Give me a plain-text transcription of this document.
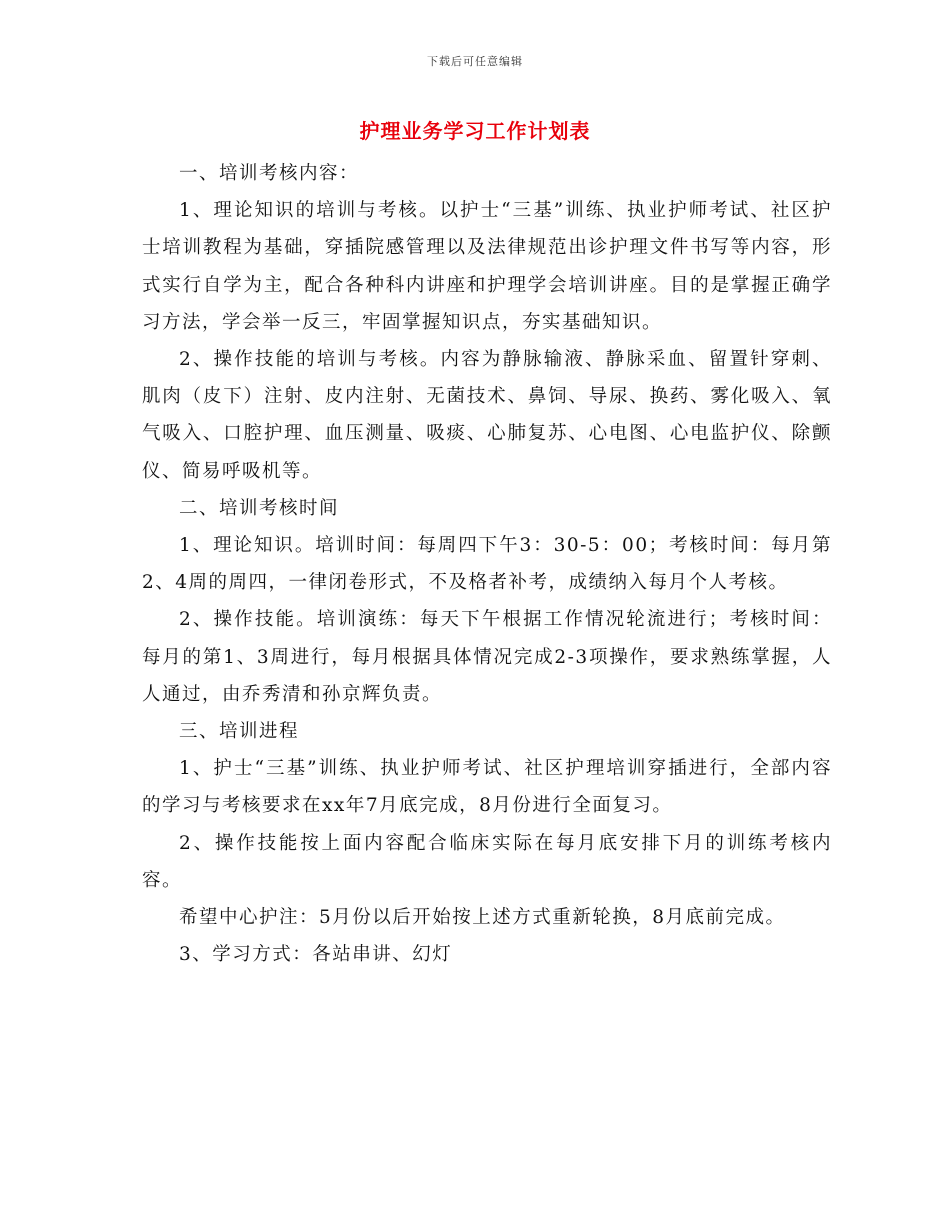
下载后可任意编辑
护理业务学习工作计划表

一、培训考核内容：

1、理论知识的培训与考核。以护士“三基”训练、执业护师考试、社区护士培训教程为基础，穿插院感管理以及法律规范出诊护理文件书写等内容，形式实行自学为主，配合各种科内讲座和护理学会培训讲座。目的是掌握正确学习方法，学会举一反三，牢固掌握知识点，夯实基础知识。

2、操作技能的培训与考核。内容为静脉输液、静脉采血、留置针穿刺、肌肉（皮下）注射、皮内注射、无菌技术、鼻饲、导尿、换药、雾化吸入、氧气吸入、口腔护理、血压测量、吸痰、心肺复苏、心电图、心电监护仪、除颤仪、简易呼吸机等。

二、培训考核时间

1、理论知识。培训时间：每周四下午3：30-5：00；考核时间：每月第2、4周的周四，一律闭卷形式，不及格者补考，成绩纳入每月个人考核。

2、操作技能。培训演练：每天下午根据工作情况轮流进行；考核时间：每月的第1、3周进行，每月根据具体情况完成2-3项操作，要求熟练掌握，人人通过，由乔秀清和孙京辉负责。

三、培训进程

1、护士“三基”训练、执业护师考试、社区护理培训穿插进行，全部内容的学习与考核要求在xx年7月底完成，8月份进行全面复习。

2、操作技能按上面内容配合临床实际在每月底安排下月的训练考核内容。

希望中心护注：5月份以后开始按上述方式重新轮换，8月底前完成。

3、学习方式：各站串讲、幻灯
